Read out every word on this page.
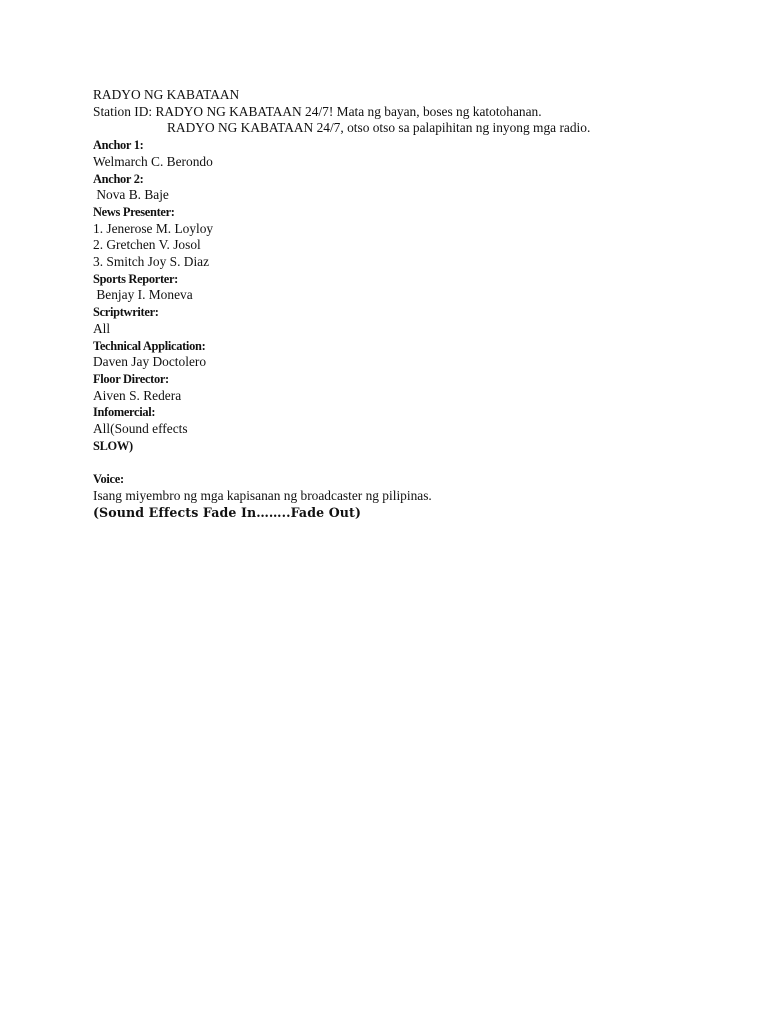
RADYO NG KABATAAN
Station ID: RADYO NG KABATAAN 24/7! Mata ng bayan, boses ng katotohanan.
RADYO NG KABATAAN 24/7, otso otso sa palapihitan ng inyong mga radio.
Anchor 1:
Welmarch C. Berondo
Anchor 2:
Nova B. Baje
News Presenter:
1. Jenerose M. Loyloy
2. Gretchen V. Josol
3. Smitch Joy S. Diaz
Sports Reporter:
Benjay I. Moneva
Scriptwriter:
All
Technical Application:
Daven Jay Doctolero
Floor Director:
Aiven S. Redera
Infomercial:
All(Sound effects
SLOW)
Voice:
Isang miyembro ng mga kapisanan ng broadcaster ng pilipinas.
(Sound Effects Fade In……..Fade Out)
